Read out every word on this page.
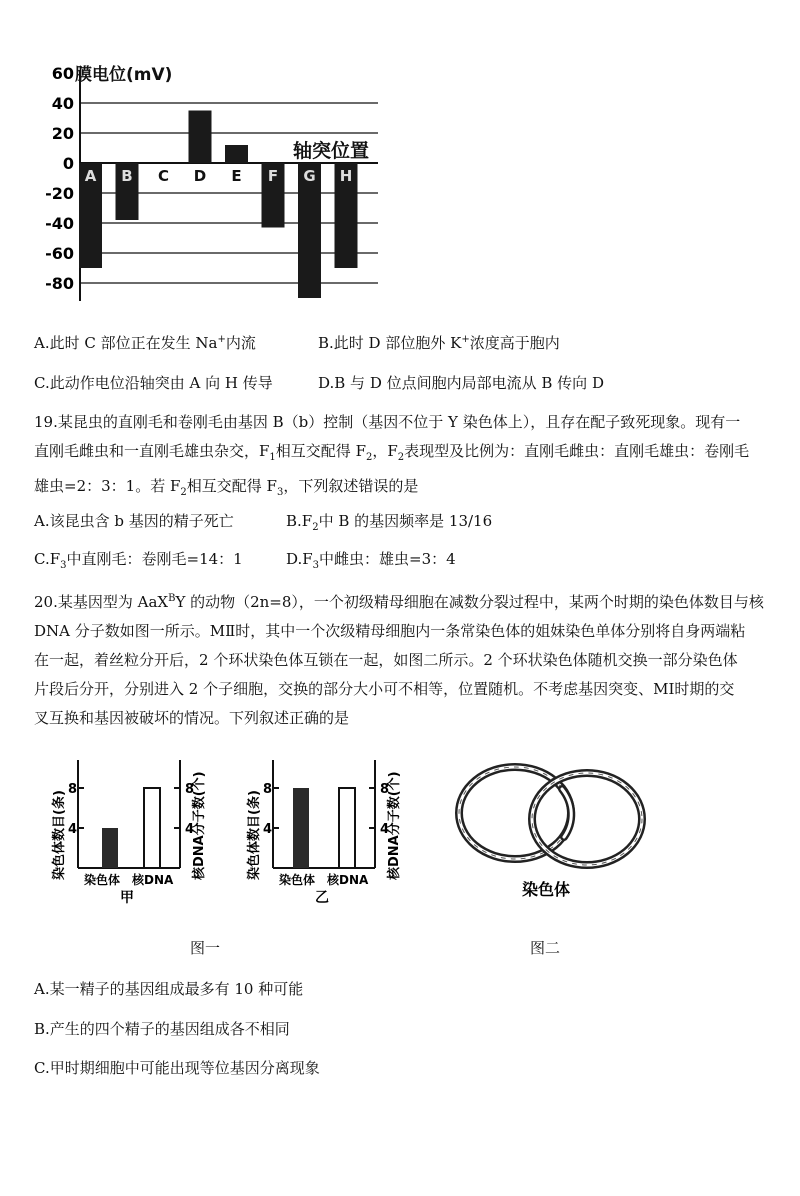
60
40
20
0
-20
-40
-60
-80
A B C D E F G H
膜电位(mV)
轴突位置
A.此时 C 部位正在发生 Na+内流	B.此时 D 部位胞外 K+浓度高于胞内
C.此动作电位沿轴突由 A 向 H 传导	D.B 与 D 位点间胞内局部电流从 B 传向 D
19.某昆虫的直刚毛和卷刚毛由基因 B（b）控制（基因不位于 Y 染色体上），且存在配子致死现象。现有一
直刚毛雌虫和一直刚毛雄虫杂交，$F_1$相互交配得 $F_2$，$F_2$表现型及比例为：直刚毛雌虫：直刚毛雄虫：卷刚毛
雄虫=2：3：1。若 $F_2$相互交配得 $F_3$，下列叙述错误的是
A.该昆虫含 b 基因的精子死亡	$B.F_2$中 B 的基因频率是 13/16
$C.F_3$中直刚毛：卷刚毛=14：1	$D.F_3$中雌虫：雄虫=3：4
20.某基因型为 AaX$^B$Y 的动物（2n=8），一个初级精母细胞在减数分裂过程中，某两个时期的染色体数目与核
DNA 分子数如图一所示。MⅡ时，其中一个次级精母细胞内一条常染色体的姐妹染色单体分别将自身两端粘
在一起，着丝粒分开后，2 个环状染色体互锁在一起，如图二所示。2 个环状染色体随机交换一部分染色体
片段后分开，分别进入 2 个子细胞，交换的部分大小可不相等，位置随机。不考虑基因突变、MⅠ时期的交
叉互换和基因被破坏的情况。下列叙述正确的是
染色体数目(条)	核DNA分子数(个)
8
4
8
4
染色体 核DNA
甲
染色体数目(条)	核DNA分子数(个)
8
4
8
4
染色体 核DNA
乙	染色体
图一	图二
A.某一精子的基因组成最多有 10 种可能
B.产生的四个精子的基因组成各不相同
C.甲时期细胞中可能出现等位基因分离现象
